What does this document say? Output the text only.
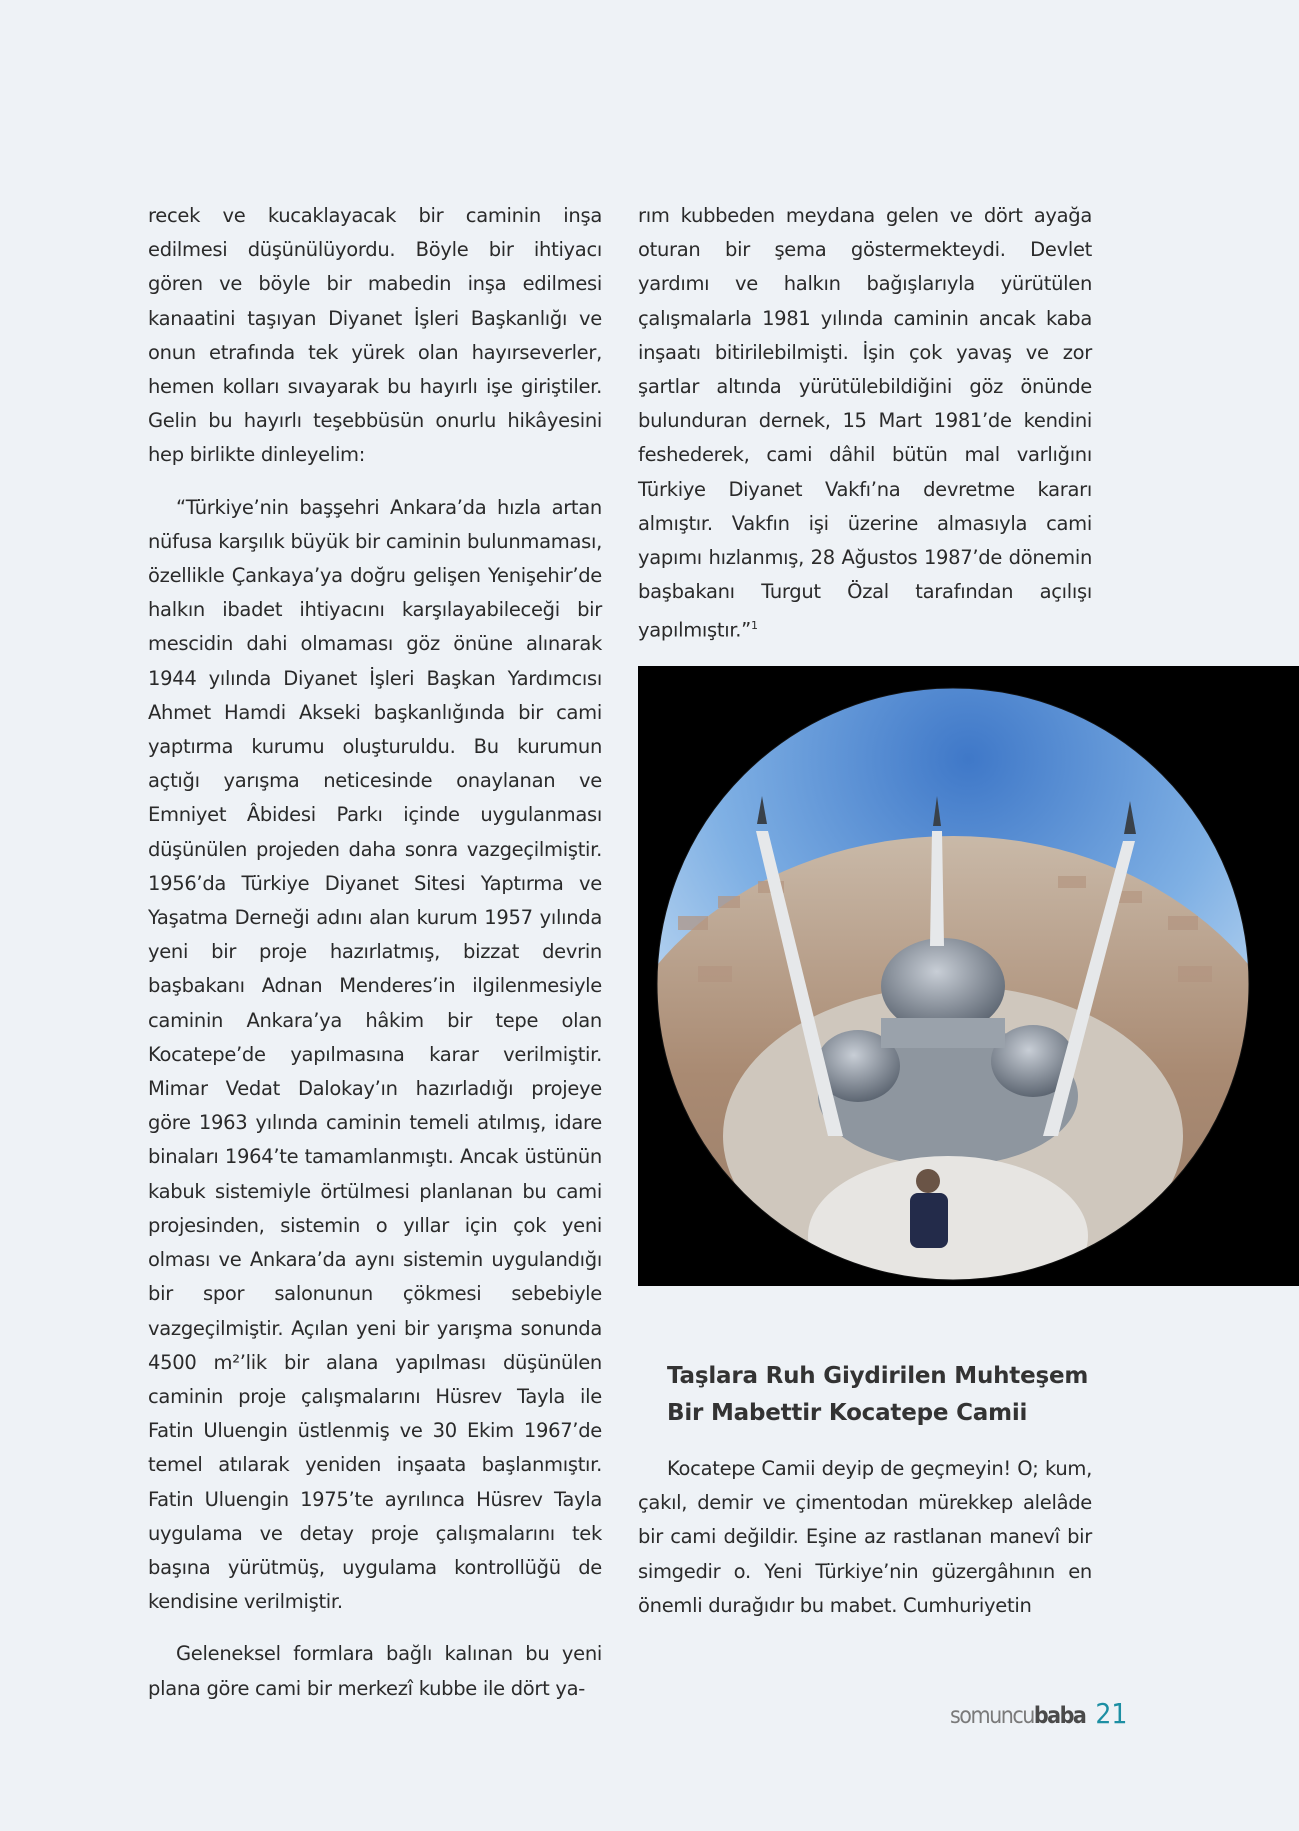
recek ve kucaklayacak bir caminin inşa edilmesi düşünülüyordu. Böyle bir ihtiyacı gören ve böyle bir mabedin inşa edilmesi kanaatini taşıyan Diyanet İşleri Başkanlığı ve onun etrafında tek yürek olan hayırseverler, hemen kolları sıvayarak bu hayırlı işe giriştiler. Gelin bu hayırlı teşebbüsün onurlu hikâyesini hep birlikte dinleyelim:

“Türkiye’nin başşehri Ankara’da hızla artan nüfusa karşılık büyük bir caminin bulunmaması, özellikle Çankaya’ya doğru gelişen Yenişehir’de halkın ibadet ihtiyacını karşılayabileceği bir mescidin dahi olmaması göz önüne alınarak 1944 yılında Diyanet İşleri Başkan Yardımcısı Ahmet Hamdi Akseki başkanlığında bir cami yaptırma kurumu oluşturuldu. Bu kurumun açtığı yarışma neticesinde onaylanan ve Emniyet Âbidesi Parkı içinde uygulanması düşünülen projeden daha sonra vazgeçilmiştir. 1956’da Türkiye Diyanet Sitesi Yaptırma ve Yaşatma Derneği adını alan kurum 1957 yılında yeni bir proje hazırlatmış, bizzat devrin başbakanı Adnan Menderes’in ilgilenmesiyle caminin Ankara’ya hâkim bir tepe olan Kocatepe’de yapılmasına karar verilmiştir. Mimar Vedat Dalokay’ın hazırladığı projeye göre 1963 yılında caminin temeli atılmış, idare binaları 1964’te tamamlanmıştı. Ancak üstünün kabuk sistemiyle örtülmesi planlanan bu cami projesinden, sistemin o yıllar için çok yeni olması ve Ankara’da aynı sistemin uygulandığı bir spor salonunun çökmesi sebebiyle vazgeçilmiştir. Açılan yeni bir yarışma sonunda 4500 m²’lik bir alana yapılması düşünülen caminin proje çalışmalarını Hüsrev Tayla ile Fatin Uluengin üstlenmiş ve 30 Ekim 1967’de temel atılarak yeniden inşaata başlanmıştır. Fatin Uluengin 1975’te ayrılınca Hüsrev Tayla uygulama ve detay proje çalışmalarını tek başına yürütmüş, uygulama kontrollüğü de kendisine verilmiştir.

Geleneksel formlara bağlı kalınan bu yeni plana göre cami bir merkezî kubbe ile dört ya-

rım kubbeden meydana gelen ve dört ayağa oturan bir şema göstermekteydi. Devlet yardımı ve halkın bağışlarıyla yürütülen çalışmalarla 1981 yılında caminin ancak kaba inşaatı bitirilebilmişti. İşin çok yavaş ve zor şartlar altında yürütülebildiğini göz önünde bulunduran dernek, 15 Mart 1981’de kendini feshederek, cami dâhil bütün mal varlığını Türkiye Diyanet Vakfı’na devretme kararı almıştır. Vakfın işi üzerine almasıyla cami yapımı hızlanmış, 28 Ağustos 1987’de dönemin başbakanı Turgut Özal tarafından açılışı yapılmıştır.”$^1$

Taşlara Ruh Giydirilen Muhteşem Bir Mabettir Kocatepe Camii

Kocatepe Camii deyip de geçmeyin! O; kum, çakıl, demir ve çimentodan mürekkep alelâde bir cami değildir. Eşine az rastlanan manevî bir simgedir o. Yeni Türkiye’nin güzergâhının en önemli durağıdır bu mabet. Cumhuriyetin

somuncubaba 21
